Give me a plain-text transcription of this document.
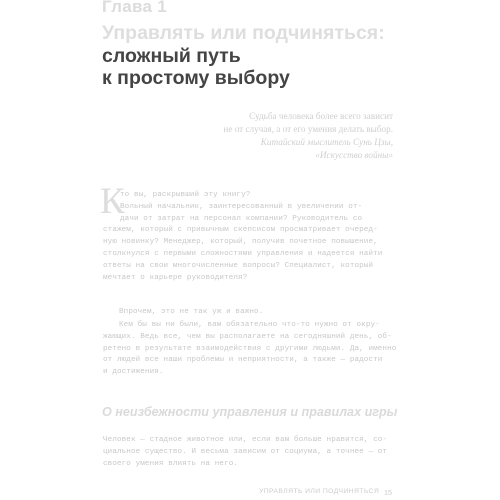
Глава 1
Управлять или подчиняться:
сложный путь
к простому выбору
Судьба человека более всего зависит
не от случая, а от его умения делать выбор.
Китайский мыслитель Сунь Цзы,
«Искусство войны»
К
то вы, раскрывший эту книгу?
Вольный начальник, заинтересованный в увеличении от-
дачи от затрат на персонал компании? Руководитель со
стажем, который с привычным скепсисом просматривает очеред-
ную новинку? Менеджер, который, получив почетное повышение,
столкнулся с первыми сложностями управления и надеется найти
ответы на свои многочисленные вопросы? Специалист, который
мечтает о карьере руководителя?
Впрочем, это не так уж и важно.
Кем бы вы ни были, вам обязательно что-то нужно от окру-
жающих. Ведь все, чем вы располагаете на сегодняшний день, об-
ретено в результате взаимодействия с другими людьми. Да, именно
от людей все наши проблемы и неприятности, а также — радости
и достижения.
О неизбежности управления и правилах игры
Человек — стадное животное или, если вам больше нравится, со-
циальное существо. И весьма зависим от социума, а точнее — от
своего умения влиять на него.
УПРАВЛЯТЬ ИЛИ ПОДЧИНЯТЬСЯ 15
